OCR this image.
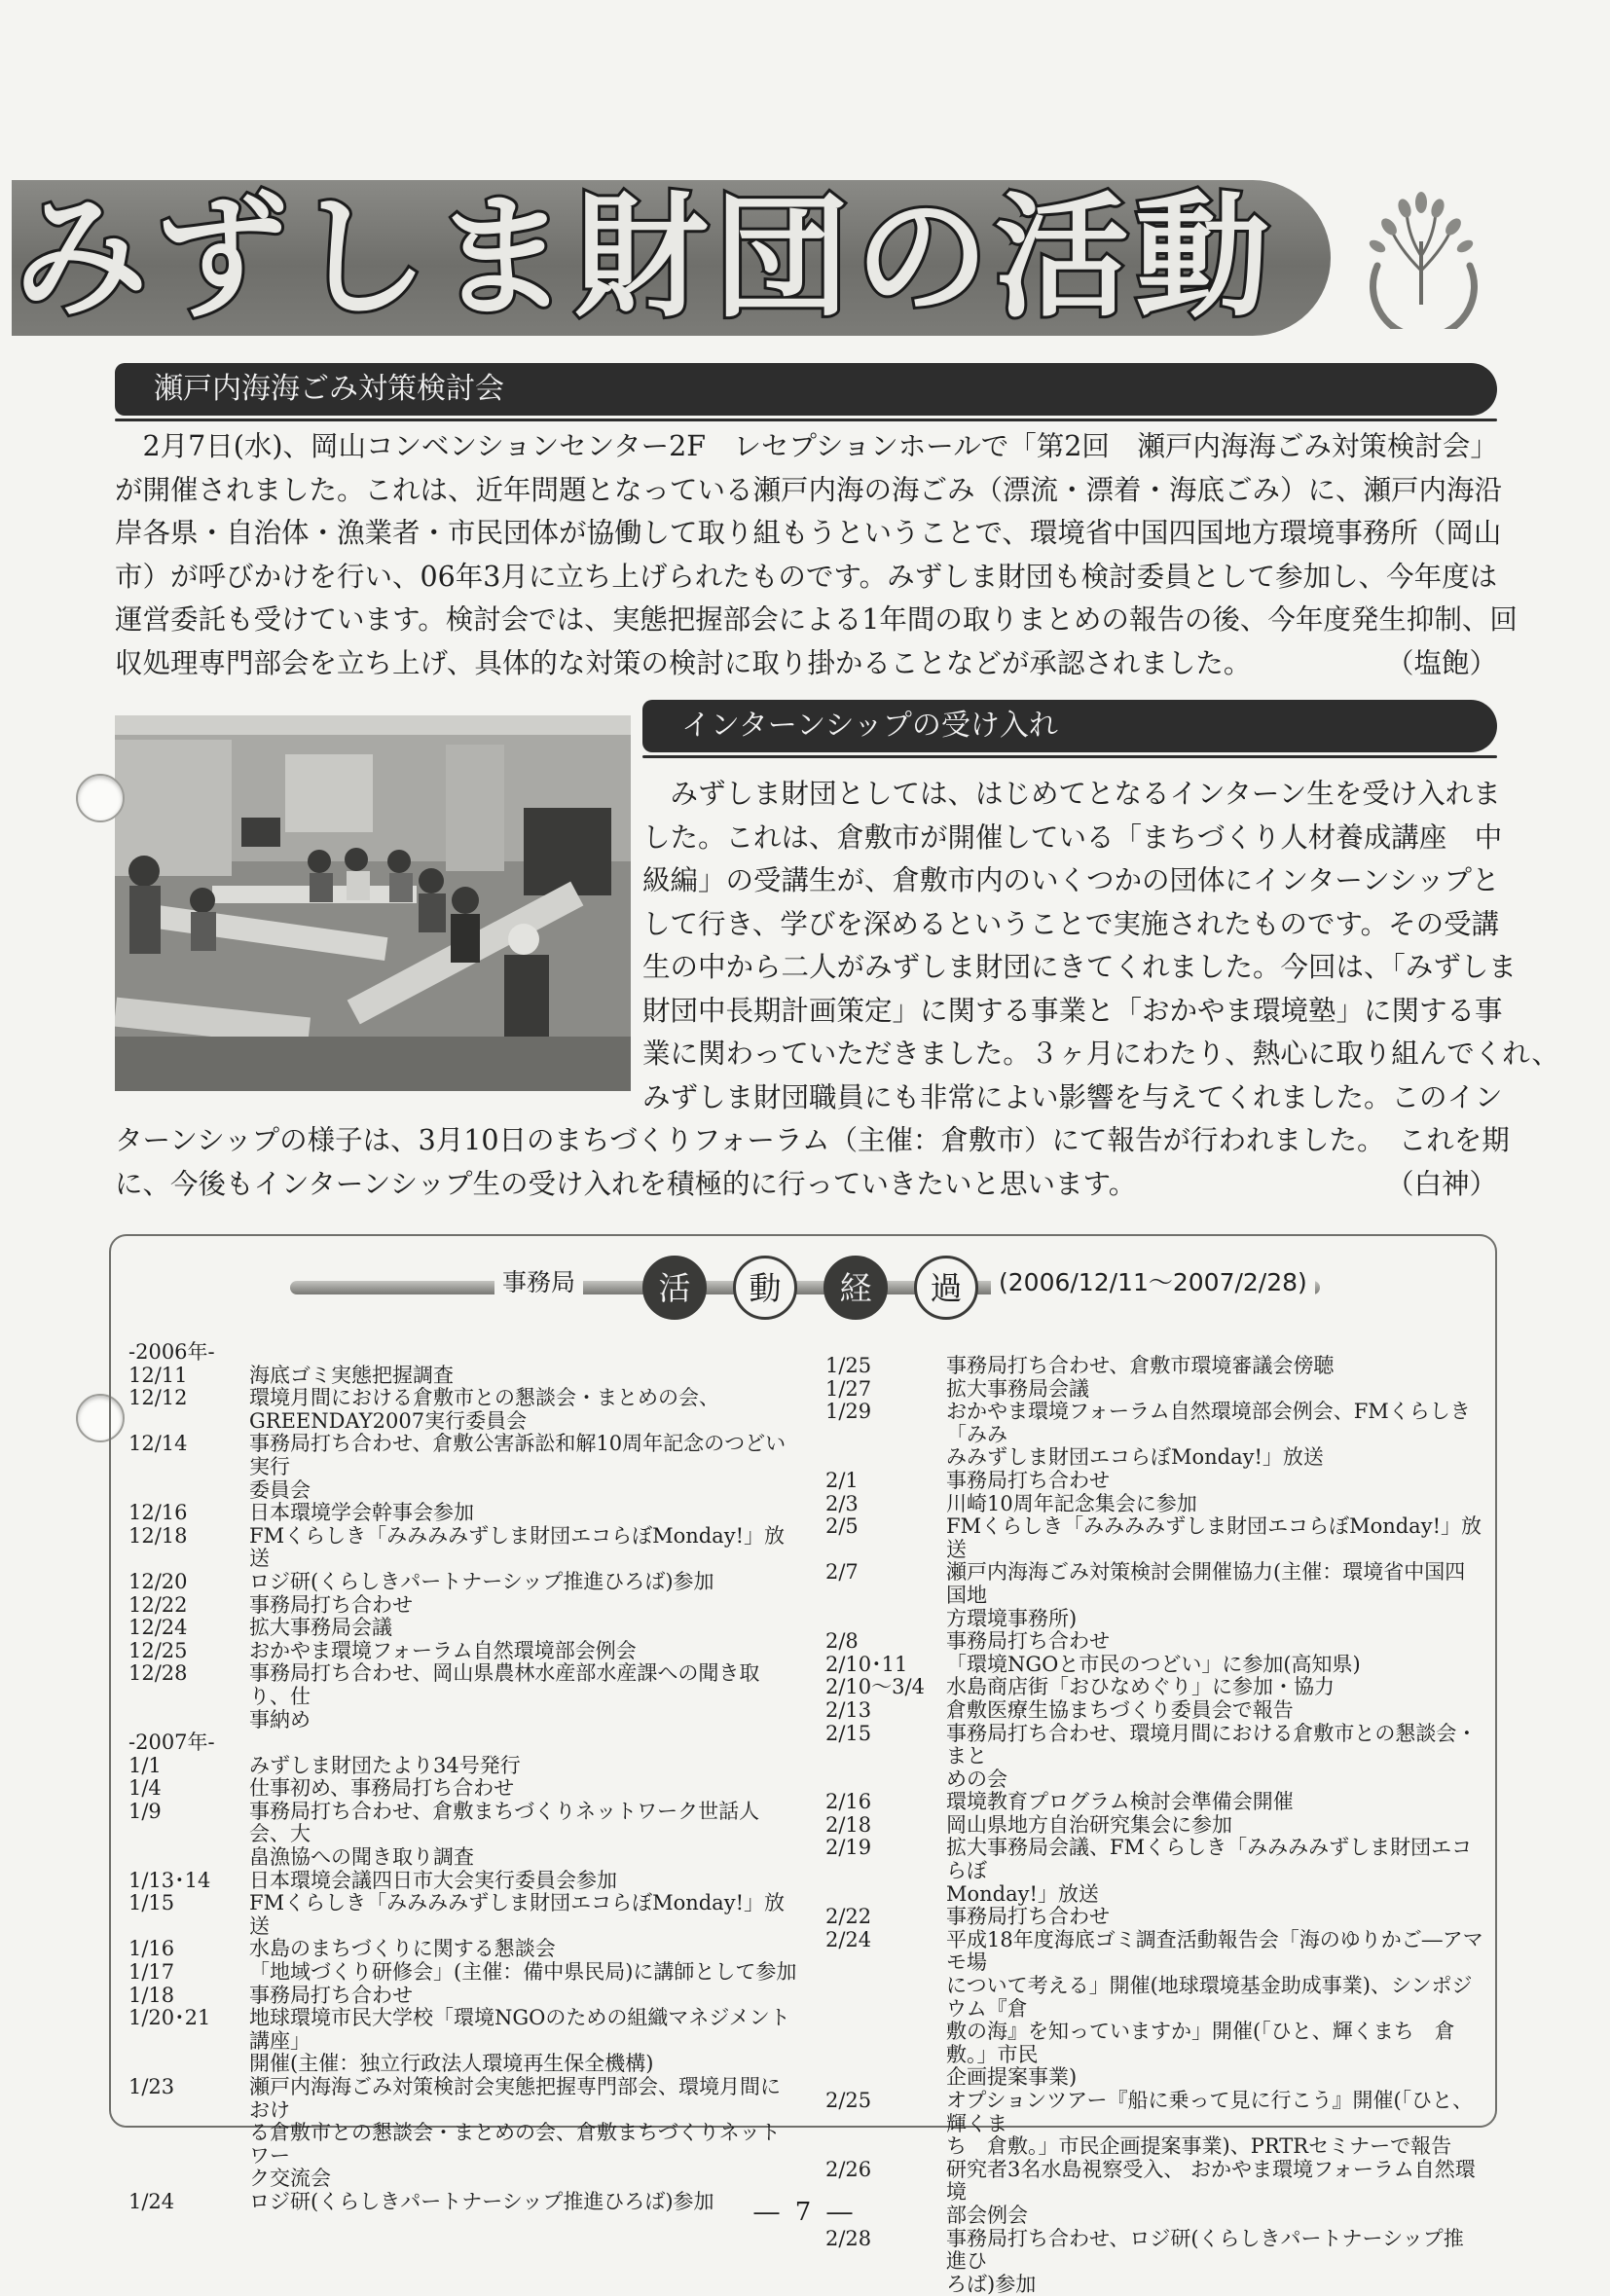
みずしま財団の活動
瀬戸内海海ごみ対策検討会
2月7日(水)、岡山コンベンションセンター2F　レセプションホールで「第2回　瀬戸内海海ごみ対策検討会」
が開催されました。これは、近年問題となっている瀬戸内海の海ごみ（漂流・漂着・海底ごみ）に、瀬戸内海沿
岸各県・自治体・漁業者・市民団体が協働して取り組もうということで、環境省中国四国地方環境事務所（岡山
市）が呼びかけを行い、06年3月に立ち上げられたものです。みずしま財団も検討委員として参加し、今年度は
運営委託も受けています。検討会では、実態把握部会による1年間の取りまとめの報告の後、今年度発生抑制、回
収処理専門部会を立ち上げ、具体的な対策の検討に取り掛かることなどが承認されました。	（塩飽）
インターンシップの受け入れ
みずしま財団としては、はじめてとなるインターン生を受け入れま
した。これは、倉敷市が開催している「まちづくり人材養成講座　中
級編」の受講生が、倉敷市内のいくつかの団体にインターンシップと
して行き、学びを深めるということで実施されたものです。その受講
生の中から二人がみずしま財団にきてくれました。今回は、「みずしま
財団中長期計画策定」に関する事業と「おかやま環境塾」に関する事
業に関わっていただきました。３ヶ月にわたり、熱心に取り組んでくれ、
みずしま財団職員にも非常によい影響を与えてくれました。このイン
ターンシップの様子は、3月10日のまちづくりフォーラム（主催：倉敷市）にて報告が行われました。　これを期
に、今後もインターンシップ生の受け入れを積極的に行っていきたいと思います。	（白神）
事務局	活	動	経	過	(2006/12/11～2007/2/28)
-2006年-
12/11	海底ゴミ実態把握調査
12/12	環境月間における倉敷市との懇談会・まとめの会、
GREENDAY2007実行委員会
12/14	事務局打ち合わせ、倉敷公害訴訟和解10周年記念のつどい実行
委員会
12/16	日本環境学会幹事会参加
12/18	FMくらしき「みみみみずしま財団エコらぼMonday!」放送
12/20	ロジ研(くらしきパートナーシップ推進ひろば)参加
12/22	事務局打ち合わせ
12/24	拡大事務局会議
12/25	おかやま環境フォーラム自然環境部会例会
12/28	事務局打ち合わせ、岡山県農林水産部水産課への聞き取り、仕
事納め
-2007年-
1/1	みずしま財団たより34号発行
1/4	仕事初め、事務局打ち合わせ
1/9	事務局打ち合わせ、倉敷まちづくりネットワーク世話人会、大
畠漁協への聞き取り調査
1/13･14	日本環境会議四日市大会実行委員会参加
1/15	FMくらしき「みみみみずしま財団エコらぼMonday!」放送
1/16	水島のまちづくりに関する懇談会
1/17	「地域づくり研修会」(主催：備中県民局)に講師として参加
1/18	事務局打ち合わせ
1/20･21	地球環境市民大学校「環境NGOのための組織マネジメント講座」
開催(主催：独立行政法人環境再生保全機構)
1/23	瀬戸内海海ごみ対策検討会実態把握専門部会、環境月間におけ
る倉敷市との懇談会・まとめの会、倉敷まちづくりネットワー
ク交流会
1/24	ロジ研(くらしきパートナーシップ推進ひろば)参加
1/25	事務局打ち合わせ、倉敷市環境審議会傍聴
1/27	拡大事務局会議
1/29	おかやま環境フォーラム自然環境部会例会、FMくらしき「みみ
みみずしま財団エコらぼMonday!」放送
2/1	事務局打ち合わせ
2/3	川崎10周年記念集会に参加
2/5	FMくらしき「みみみみずしま財団エコらぼMonday!」放送
2/7	瀬戸内海海ごみ対策検討会開催協力(主催：環境省中国四国地
方環境事務所)
2/8	事務局打ち合わせ
2/10･11	「環境NGOと市民のつどい」に参加(高知県)
2/10～3/4	水島商店街「おひなめぐり」に参加・協力
2/13	倉敷医療生協まちづくり委員会で報告
2/15	事務局打ち合わせ、環境月間における倉敷市との懇談会・まと
めの会
2/16	環境教育プログラム検討会準備会開催
2/18	岡山県地方自治研究集会に参加
2/19	拡大事務局会議、FMくらしき「みみみみずしま財団エコらぼ
Monday!」放送
2/22	事務局打ち合わせ
2/24	平成18年度海底ゴミ調査活動報告会「海のゆりかご―アマモ場
について考える」開催(地球環境基金助成事業)、シンポジウム『倉
敷の海』を知っていますか」開催(「ひと、輝くまち　倉敷。」市民
企画提案事業)
2/25	オプションツアー『船に乗って見に行こう』開催(「ひと、輝くま
ち　倉敷。」市民企画提案事業)、PRTRセミナーで報告
2/26	研究者3名水島視察受入、 おかやま環境フォーラム自然環境
部会例会
2/28	事務局打ち合わせ、ロジ研(くらしきパートナーシップ推進ひ
ろば)参加
― 7 ―
